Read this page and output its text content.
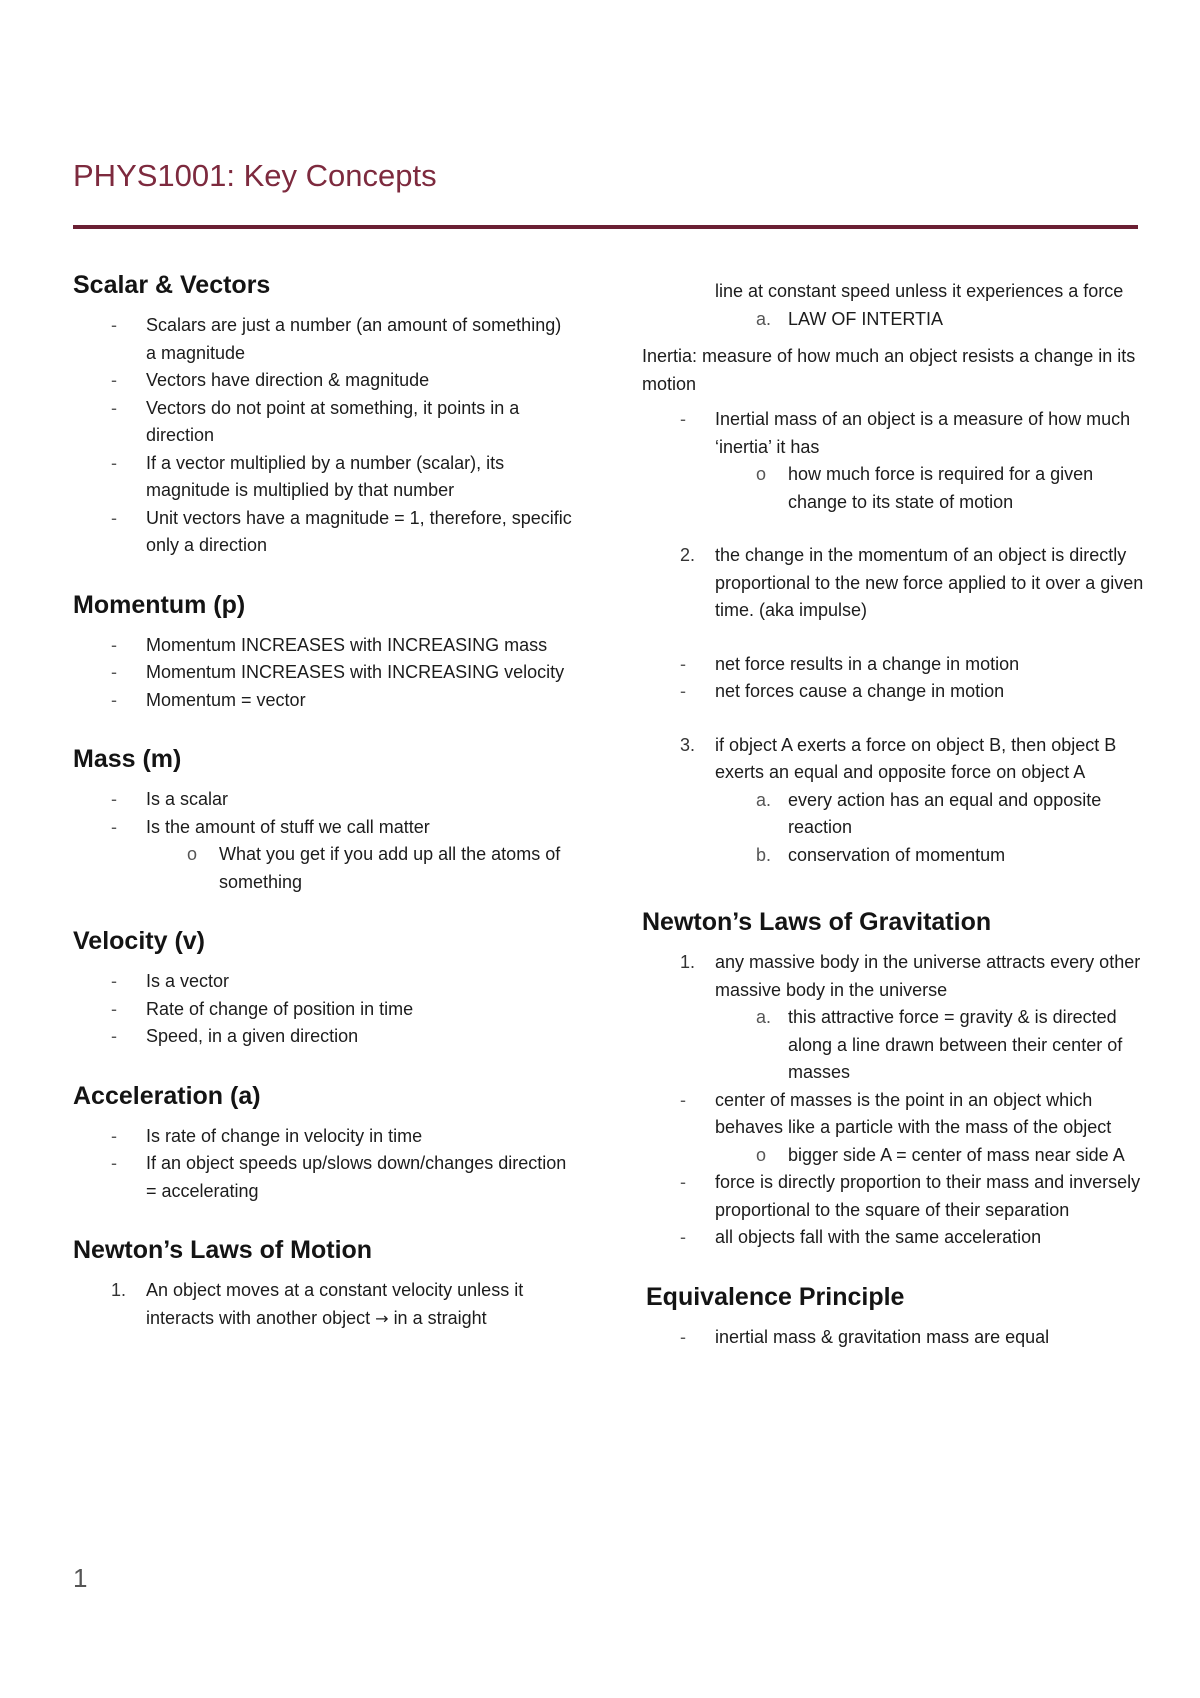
PHYS1001: Key Concepts
Scalar & Vectors
- Scalars are just a number (an amount of something) a magnitude
- Vectors have direction & magnitude
- Vectors do not point at something, it points in a direction
- If a vector multiplied by a number (scalar), its magnitude is multiplied by that number
- Unit vectors have a magnitude = 1, therefore, specific only a direction
Momentum (p)
- Momentum INCREASES with INCREASING mass
- Momentum INCREASES with INCREASING velocity
- Momentum = vector
Mass (m)
- Is a scalar
- Is the amount of stuff we call matter
o What you get if you add up all the atoms of something
Velocity (v)
- Is a vector
- Rate of change of position in time
- Speed, in a given direction
Acceleration (a)
- Is rate of change in velocity in time
- If an object speeds up/slows down/changes direction = accelerating
Newton’s Laws of Motion
1. An object moves at a constant velocity unless it interacts with another object → in a straight
line at constant speed unless it experiences a force
a. LAW OF INTERTIA

Inertia: measure of how much an object resists a change in its motion

- Inertial mass of an object is a measure of how much ‘inertia’ it has
o how much force is required for a given change to its state of motion
2. the change in the momentum of an object is directly proportional to the new force applied to it over a given time. (aka impulse)
- net force results in a change in motion
- net forces cause a change in motion
3. if object A exerts a force on object B, then object B exerts an equal and opposite force on object A
a. every action has an equal and opposite reaction
b. conservation of momentum
Newton’s Laws of Gravitation
1. any massive body in the universe attracts every other massive body in the universe
a. this attractive force = gravity & is directed along a line drawn between their center of masses
- center of masses is the point in an object which behaves like a particle with the mass of the object
o bigger side A = center of mass near side A
- force is directly proportion to their mass and inversely proportional to the square of their separation
- all objects fall with the same acceleration
Equivalence Principle
- inertial mass & gravitation mass are equal
1
